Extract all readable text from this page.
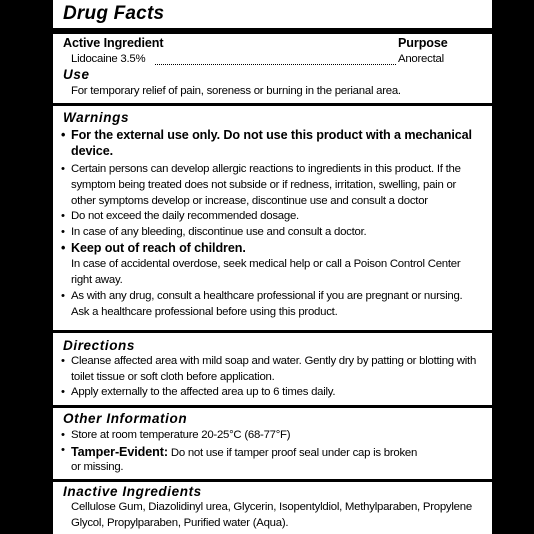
Drug Facts
Active Ingredient	Purpose
Lidocaine 3.5%	Anorectal
Use
For temporary relief of pain, soreness or burning in the perianal area.
Warnings
• For the external use only. Do not use this product with a mechanical
device.
• Certain persons can develop allergic reactions to ingredients in this product. If the
symptom being treated does not subside or if redness, irritation, swelling, pain or
other symptoms develop or increase, discontinue use and consult a doctor
• Do not exceed the daily recommended dosage.
• In case of any bleeding, discontinue use and consult a doctor.
• Keep out of reach of children.
In case of accidental overdose, seek medical help or call a Poison Control Center
right away.
• As with any drug, consult a healthcare professional if you are pregnant or nursing.
Ask a healthcare professional before using this product.
Directions
• Cleanse affected area with mild soap and water. Gently dry by patting or blotting with
toilet tissue or soft cloth before application.
• Apply externally to the affected area up to 6 times daily.
Other Information
• Store at room temperature 20-25°C (68-77°F)
• Tamper-Evident: Do not use if tamper proof seal under cap is broken
or missing.
Inactive Ingredients
Cellulose Gum, Diazolidinyl urea, Glycerin, Isopentyldiol, Methylparaben, Propylene
Glycol, Propylparaben, Purified water (Aqua).
